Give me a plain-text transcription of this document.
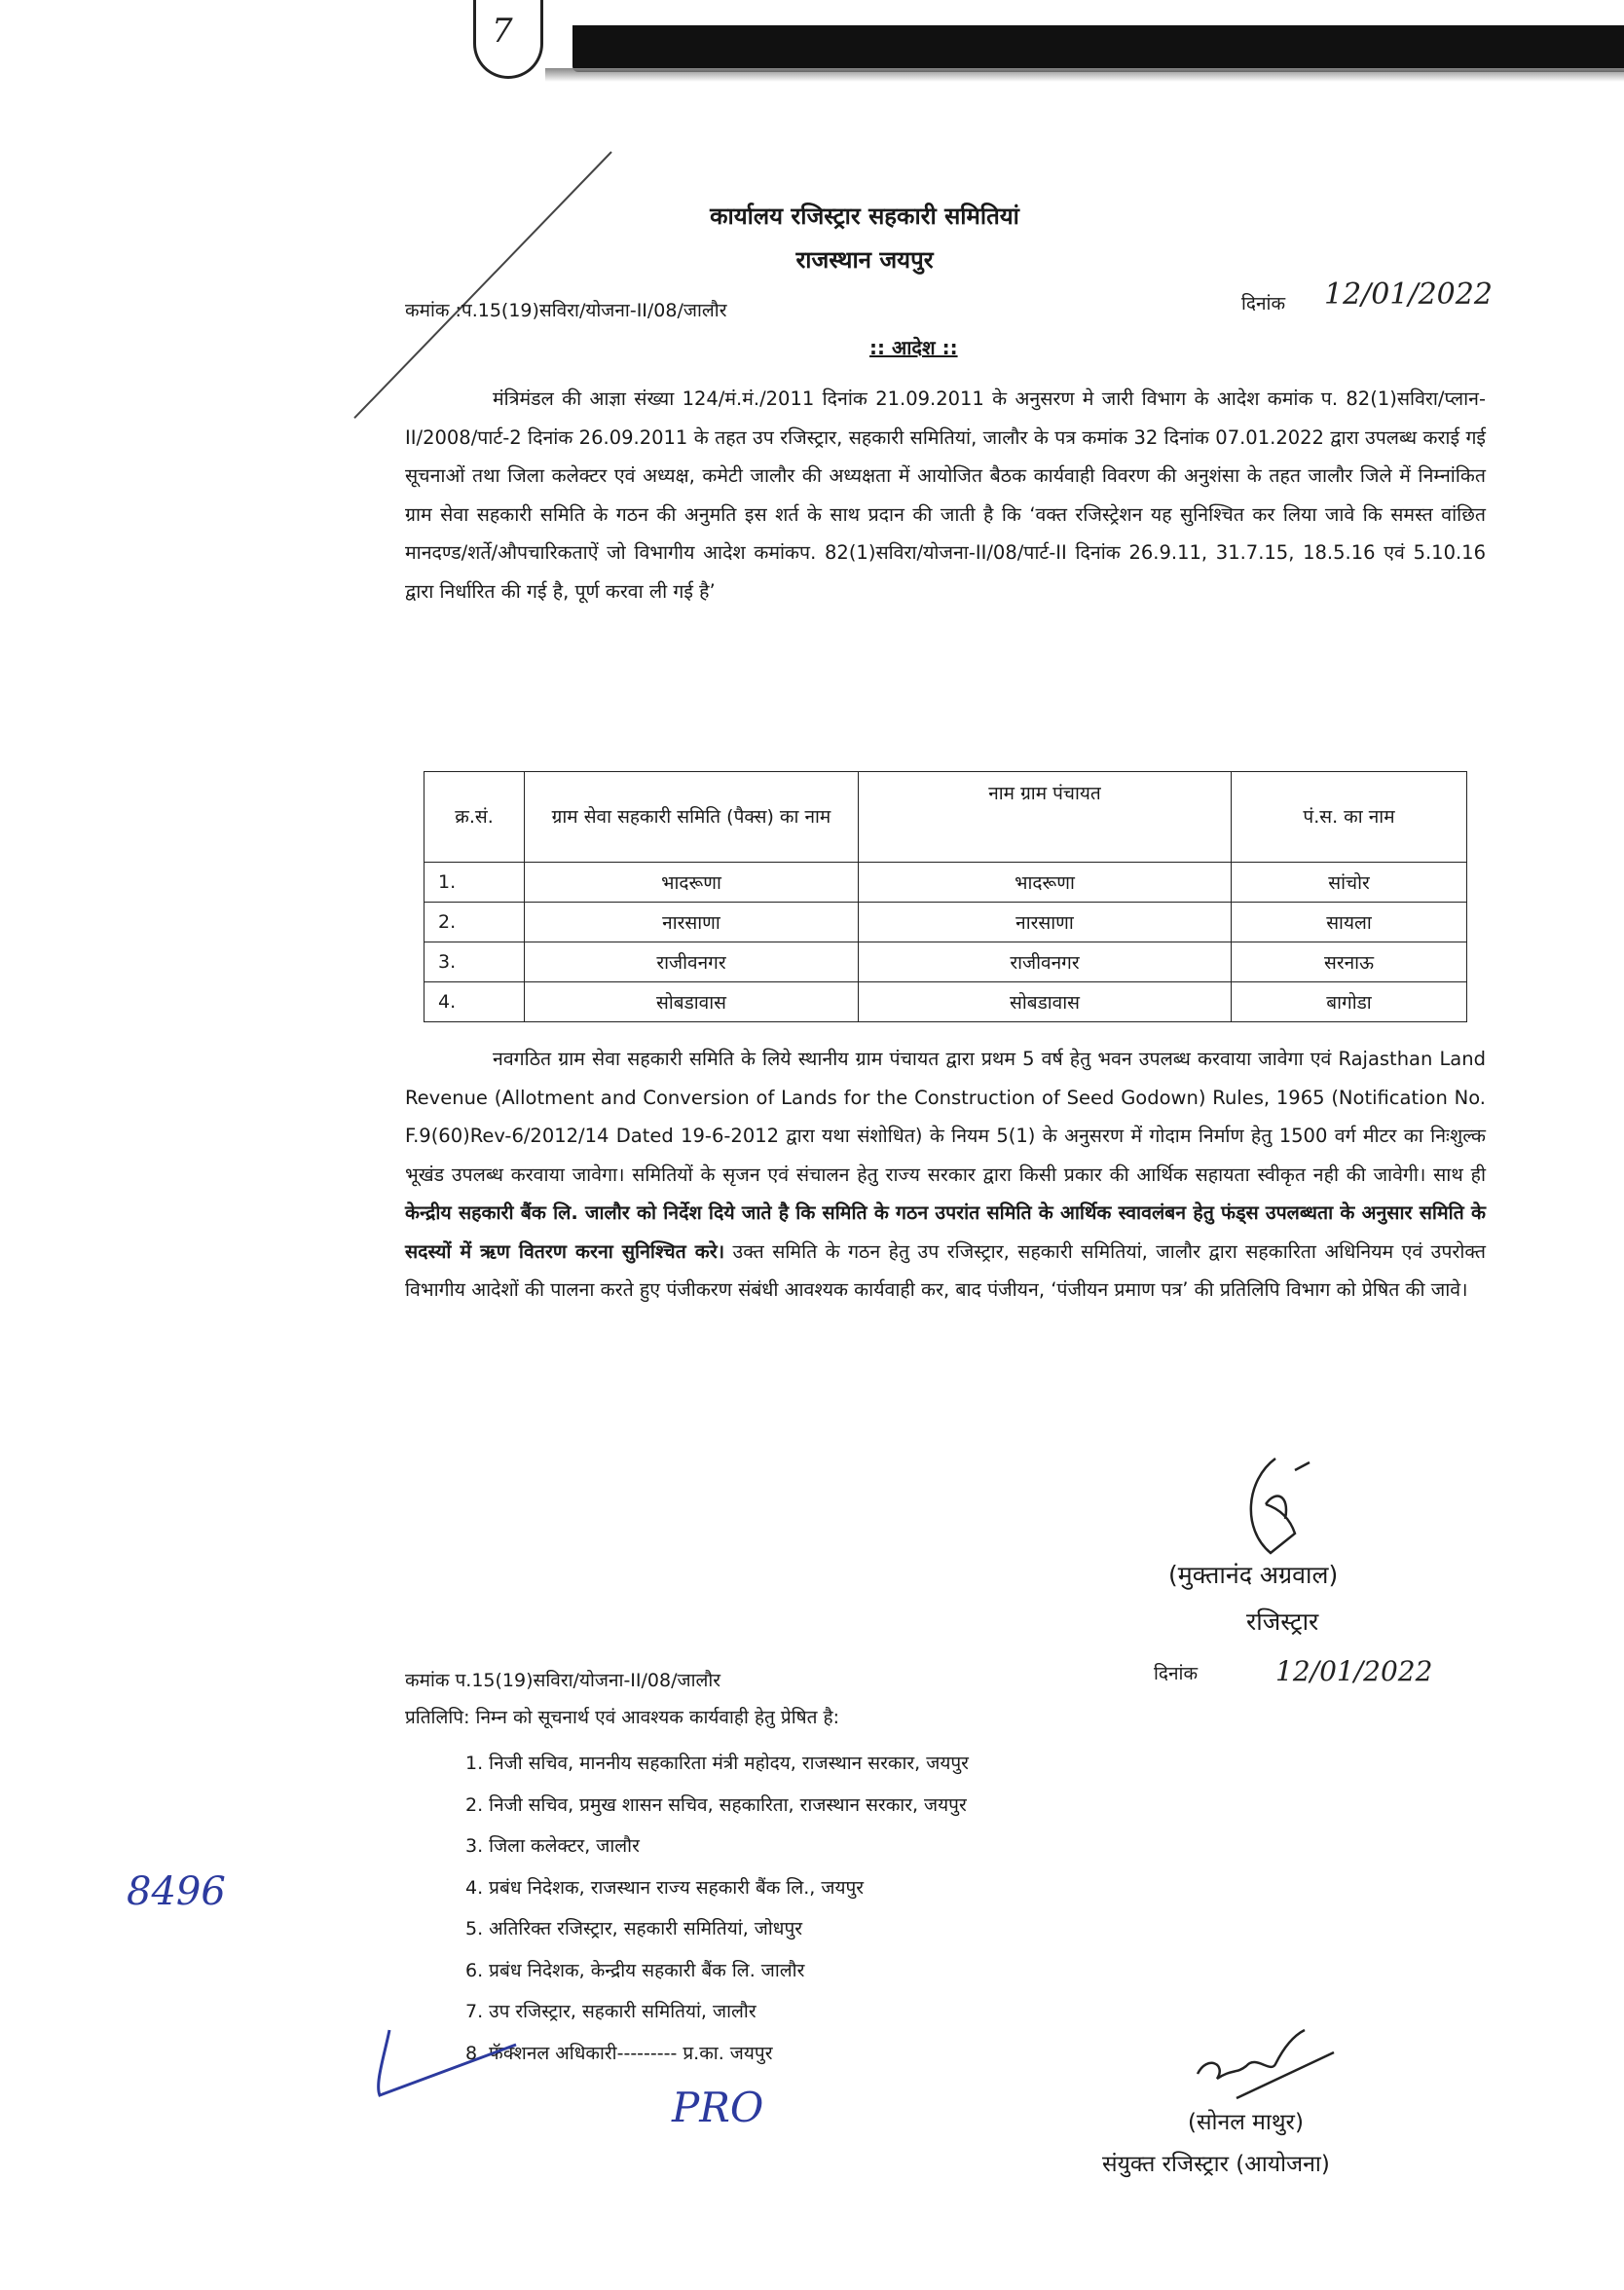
7
कार्यालय रजिस्ट्रार सहकारी समितियां
राजस्थान जयपुर
कमांक :प.15(19)सविरा/योजना-II/08/जालौर	दिनांक 12/01/2022
:: आदेश ::
मंत्रिमंडल की आज्ञा संख्या 124/मं.मं./2011 दिनांक 21.09.2011 के अनुसरण मे जारी विभाग के आदेश कमांक प. 82(1)सविरा/प्लान-II/2008/पार्ट-2 दिनांक 26.09.2011 के तहत उप रजिस्ट्रार, सहकारी समितियां, जालौर के पत्र कमांक 32 दिनांक 07.01.2022 द्वारा उपलब्ध कराई गई सूचनाओं तथा जिला कलेक्टर एवं अध्यक्ष, कमेटी जालौर की अध्यक्षता में आयोजित बैठक कार्यवाही विवरण की अनुशंसा के तहत जालौर जिले में निम्नांकित ग्राम सेवा सहकारी समिति के गठन की अनुमति इस शर्त के साथ प्रदान की जाती है कि ‘वक्त रजिस्ट्रेशन यह सुनिश्चित कर लिया जावे कि समस्त वांछित मानदण्ड/शर्ते/औपचारिकताऐं जो विभागीय आदेश कमांकप. 82(1)सविरा/योजना-II/08/पार्ट-II दिनांक 26.9.11, 31.7.15, 18.5.16 एवं 5.10.16 द्वारा निर्धारित की गई है, पूर्ण करवा ली गई है’
क्र.सं.	ग्राम सेवा सहकारी समिति (पैक्स) का नाम	नाम ग्राम पंचायत	पं.स. का नाम
1.	भादरूणा	भादरूणा	सांचोर
2.	नारसाणा	नारसाणा	सायला
3.	राजीवनगर	राजीवनगर	सरनाऊ
4.	सोबडावास	सोबडावास	बागोडा
नवगठित ग्राम सेवा सहकारी समिति के लिये स्थानीय ग्राम पंचायत द्वारा प्रथम 5 वर्ष हेतु भवन उपलब्ध करवाया जावेगा एवं Rajasthan Land Revenue (Allotment and Conversion of Lands for the Construction of Seed Godown) Rules, 1965 (Notification No. F.9(60)Rev-6/2012/14 Dated 19-6-2012 द्वारा यथा संशोधित) के नियम 5(1) के अनुसरण में गोदाम निर्माण हेतु 1500 वर्ग मीटर का निःशुल्क भूखंड उपलब्ध करवाया जावेगा। समितियों के सृजन एवं संचालन हेतु राज्य सरकार द्वारा किसी प्रकार की आर्थिक सहायता स्वीकृत नही की जावेगी। साथ ही केन्द्रीय सहकारी बैंक लि. जालौर को निर्देश दिये जाते है कि समिति के गठन उपरांत समिति के आर्थिक स्वावलंबन हेतु फंड्स उपलब्धता के अनुसार समिति के सदस्यों में ऋण वितरण करना सुनिश्चित करे। उक्त समिति के गठन हेतु उप रजिस्ट्रार, सहकारी समितियां, जालौर द्वारा सहकारिता अधिनियम एवं उपरोक्त विभागीय आदेशों की पालना करते हुए पंजीकरण संबंधी आवश्यक कार्यवाही कर, बाद पंजीयन, ‘पंजीयन प्रमाण पत्र’ की प्रतिलिपि विभाग को प्रेषित की जावे।
(मुक्तानंद अग्रवाल)
रजिस्ट्रार
कमांक प.15(19)सविरा/योजना-II/08/जालौर	दिनांक	12/01/2022
प्रतिलिपि: निम्न को सूचनार्थ एवं आवश्यक कार्यवाही हेतु प्रेषित है:
1. निजी सचिव, माननीय सहकारिता मंत्री महोदय, राजस्थान सरकार, जयपुर
2. निजी सचिव, प्रमुख शासन सचिव, सहकारिता, राजस्थान सरकार, जयपुर
3. जिला कलेक्टर, जालौर
4. प्रबंध निदेशक, राजस्थान राज्य सहकारी बैंक लि., जयपुर
5. अतिरिक्त रजिस्ट्रार, सहकारी समितियां, जोधपुर
6. प्रबंध निदेशक, केन्द्रीय सहकारी बैंक लि. जालौर
7. उप रजिस्ट्रार, सहकारी समितियां, जालौर
8. फॅक्शनल अधिकारी--------- प्र.का. जयपुर
8496
PRO	(सोनल माथुर)
संयुक्त रजिस्ट्रार (आयोजना)
